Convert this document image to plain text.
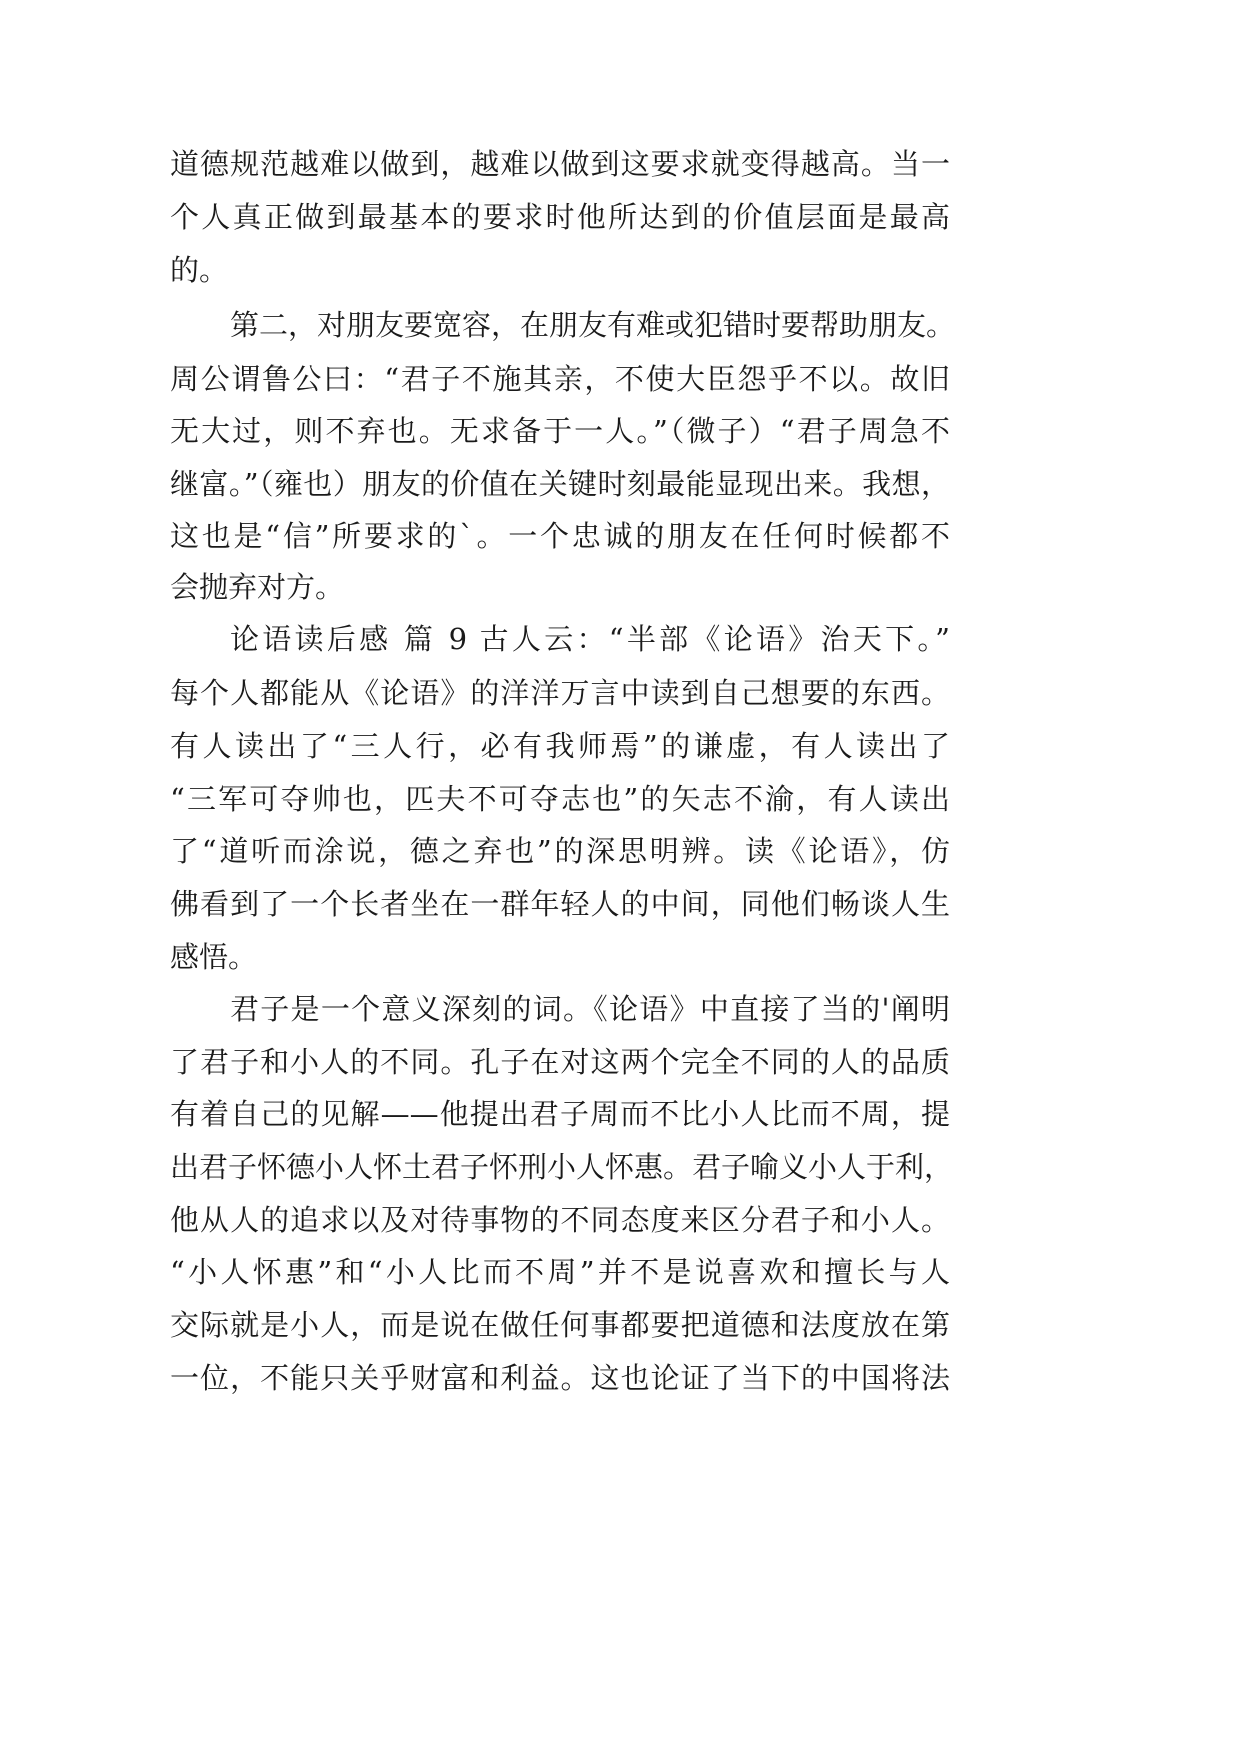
道德规范越难以做到，越难以做到这要求就变得越高。当一
个人真正做到最基本的要求时他所达到的价值层面是最高
的。
第二，对朋友要宽容，在朋友有难或犯错时要帮助朋友。
周公谓鲁公曰：“君子不施其亲，不使大臣怨乎不以。故旧
无大过，则不弃也。无求备于一人。”（微子）“君子周急不
继富。”（雍也）朋友的价值在关键时刻最能显现出来。我想，
这也是“信”所要求的`。一个忠诚的朋友在任何时候都不
会抛弃对方。
论语读后感 篇 9 古人云：“半部《论语》治天下。”
每个人都能从《论语》的洋洋万言中读到自己想要的东西。
有人读出了“三人行，必有我师焉”的谦虚，有人读出了
“三军可夺帅也，匹夫不可夺志也”的矢志不渝，有人读出
了“道听而涂说，德之弃也”的深思明辨。读《论语》，仿
佛看到了一个长者坐在一群年轻人的中间，同他们畅谈人生
感悟。
君子是一个意义深刻的词。《论语》中直接了当的'阐明
了君子和小人的不同。孔子在对这两个完全不同的人的品质
有着自己的见解——他提出君子周而不比小人比而不周，提
出君子怀德小人怀土君子怀刑小人怀惠。君子喻义小人于利，
他从人的追求以及对待事物的不同态度来区分君子和小人。
“小人怀惠”和“小人比而不周”并不是说喜欢和擅长与人
交际就是小人，而是说在做任何事都要把道德和法度放在第
一位，不能只关乎财富和利益。这也论证了当下的中国将法
